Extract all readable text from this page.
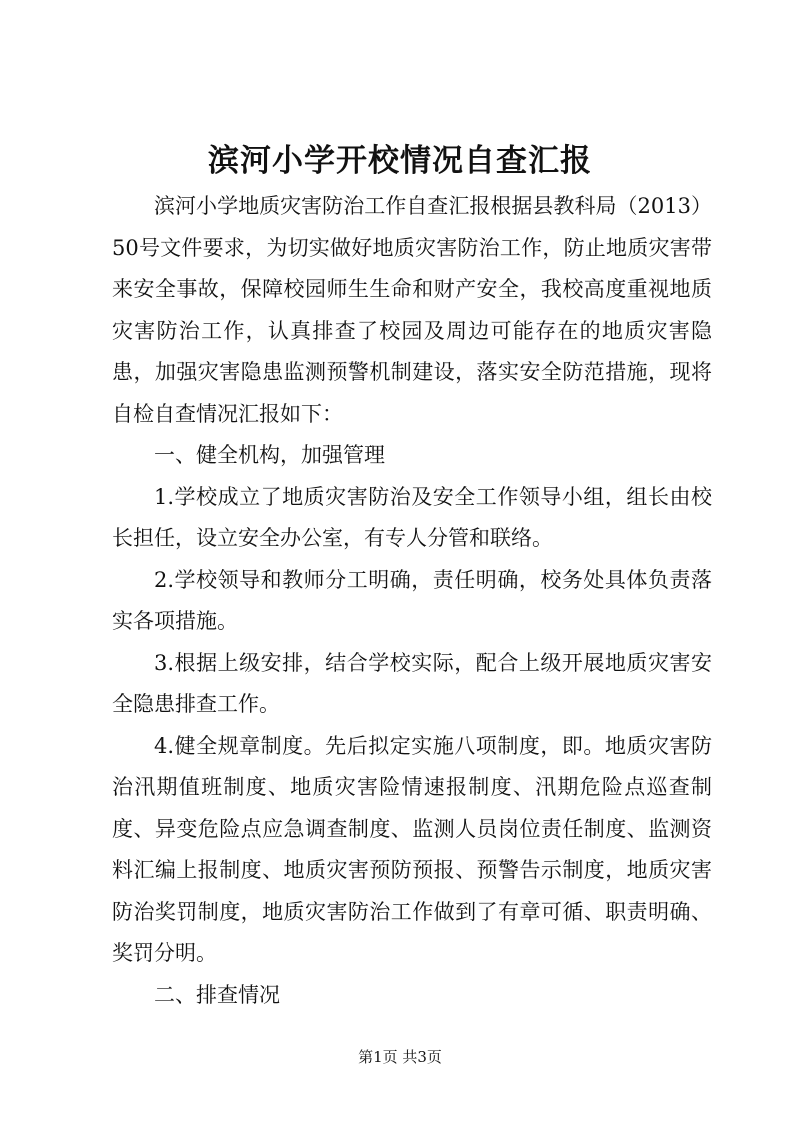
滨河小学开校情况自查汇报

滨河小学地质灾害防治工作自查汇报根据县教科局（2013）50号文件要求，为切实做好地质灾害防治工作，防止地质灾害带来安全事故，保障校园师生生命和财产安全，我校高度重视地质灾害防治工作，认真排查了校园及周边可能存在的地质灾害隐患，加强灾害隐患监测预警机制建设，落实安全防范措施，现将自检自查情况汇报如下：

一、健全机构，加强管理

1.学校成立了地质灾害防治及安全工作领导小组，组长由校长担任，设立安全办公室，有专人分管和联络。

2.学校领导和教师分工明确，责任明确，校务处具体负责落实各项措施。

3.根据上级安排，结合学校实际，配合上级开展地质灾害安全隐患排查工作。

4.健全规章制度。先后拟定实施八项制度，即。地质灾害防治汛期值班制度、地质灾害险情速报制度、汛期危险点巡查制度、异变危险点应急调查制度、监测人员岗位责任制度、监测资料汇编上报制度、地质灾害预防预报、预警告示制度，地质灾害防治奖罚制度，地质灾害防治工作做到了有章可循、职责明确、奖罚分明。

二、排查情况

第1页 共3页
